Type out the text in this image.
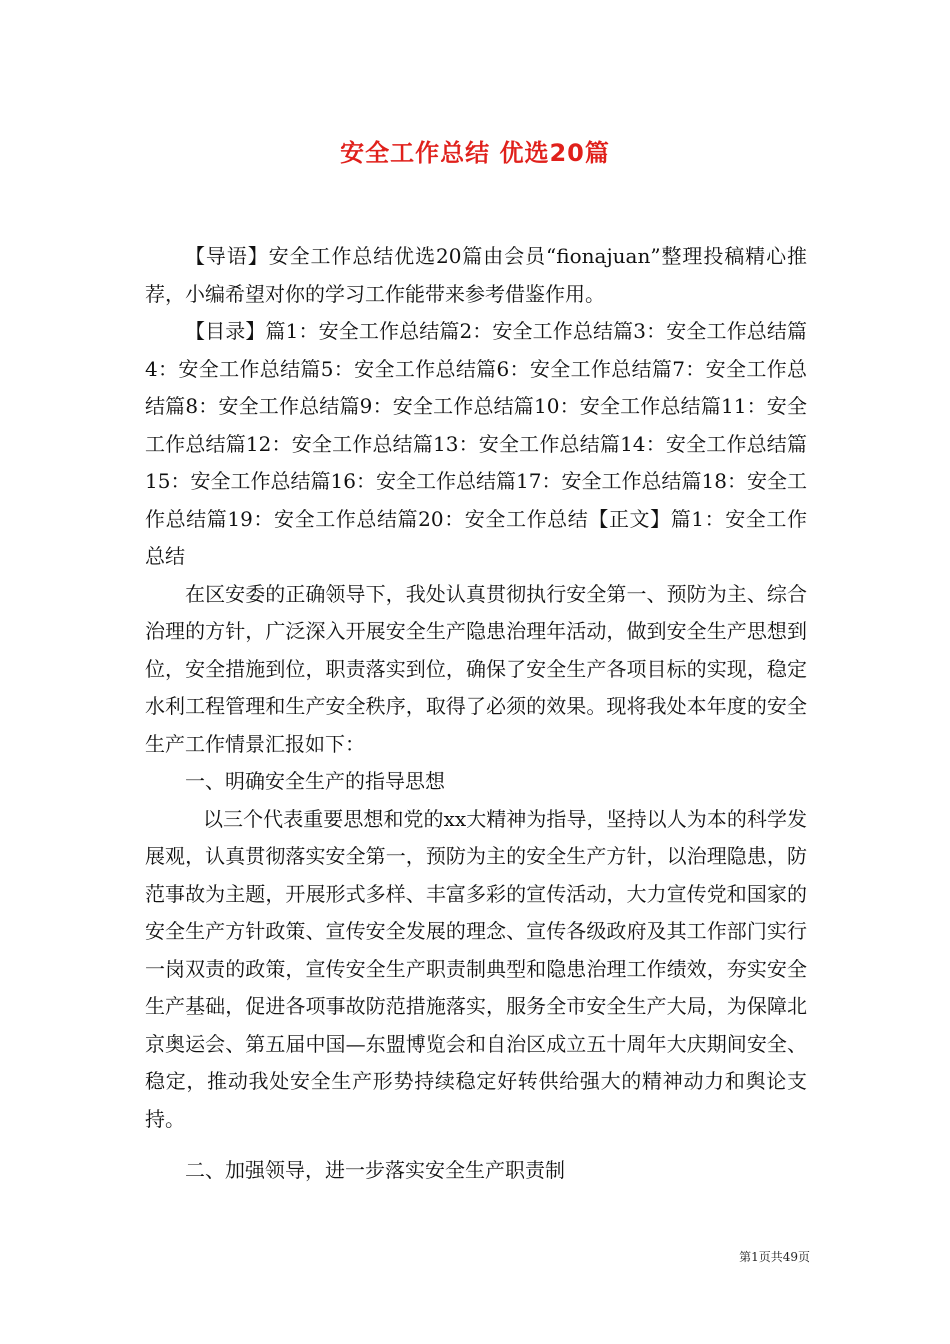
安全工作总结 优选20篇

【导语】安全工作总结优选20篇由会员“fionajuan”整理投稿精心推荐，小编希望对你的学习工作能带来参考借鉴作用。

【目录】篇1：安全工作总结篇2：安全工作总结篇3：安全工作总结篇4：安全工作总结篇5：安全工作总结篇6：安全工作总结篇7：安全工作总结篇8：安全工作总结篇9：安全工作总结篇10：安全工作总结篇11：安全工作总结篇12：安全工作总结篇13：安全工作总结篇14：安全工作总结篇15：安全工作总结篇16：安全工作总结篇17：安全工作总结篇18：安全工作总结篇19：安全工作总结篇20：安全工作总结【正文】篇1：安全工作总结

在区安委的正确领导下，我处认真贯彻执行安全第一、预防为主、综合治理的方针，广泛深入开展安全生产隐患治理年活动，做到安全生产思想到位，安全措施到位，职责落实到位，确保了安全生产各项目标的实现，稳定水利工程管理和生产安全秩序，取得了必须的效果。现将我处本年度的安全生产工作情景汇报如下：

一、明确安全生产的指导思想

以三个代表重要思想和党的xx大精神为指导，坚持以人为本的科学发展观，认真贯彻落实安全第一，预防为主的安全生产方针，以治理隐患，防范事故为主题，开展形式多样、丰富多彩的宣传活动，大力宣传党和国家的安全生产方针政策、宣传安全发展的理念、宣传各级政府及其工作部门实行一岗双责的政策，宣传安全生产职责制典型和隐患治理工作绩效，夯实安全生产基础，促进各项事故防范措施落实，服务全市安全生产大局，为保障北京奥运会、第五届中国—东盟博览会和自治区成立五十周年大庆期间安全、稳定，推动我处安全生产形势持续稳定好转供给强大的精神动力和舆论支持。

二、加强领导，进一步落实安全生产职责制

第1页共49页
